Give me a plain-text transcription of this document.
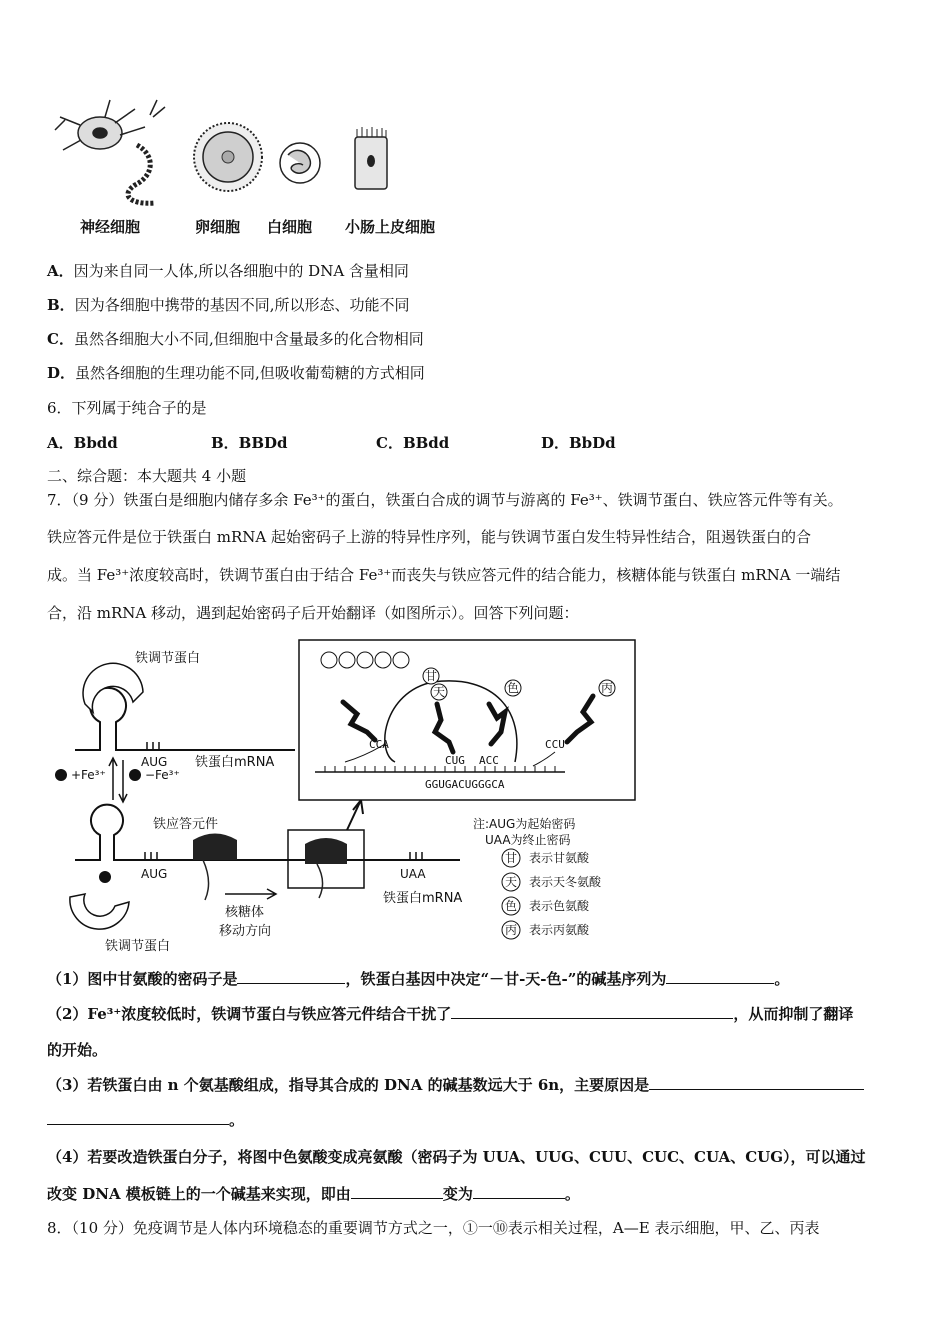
神经细胞	卵细胞 白细胞 小肠上皮细胞
A．因为来自同一人体,所以各细胞中的 DNA 含量相同
B．因为各细胞中携带的基因不同,所以形态、功能不同
C．虽然各细胞大小不同,但细胞中含量最多的化合物相同
D．虽然各细胞的生理功能不同,但吸收葡萄糖的方式相同
6．下列属于纯合子的是
A．Bbdd	B．BBDd	C．BBdd	D．BbDd
二、综合题：本大题共 4 小题
7．（9 分）铁蛋白是细胞内储存多余 Fe³⁺的蛋白，铁蛋白合成的调节与游离的 Fe³⁺、铁调节蛋白、铁应答元件等有关。
铁应答元件是位于铁蛋白 mRNA 起始密码子上游的特异性序列，能与铁调节蛋白发生特异性结合，阻遏铁蛋白的合
成。当 Fe³⁺浓度较高时，铁调节蛋白由于结合 Fe³⁺而丧失与铁应答元件的结合能力，核糖体能与铁蛋白 mRNA 一端结
合，沿 mRNA 移动，遇到起始密码子后开始翻译（如图所示）。回答下列问题：
铁调节蛋白
AUG 铁蛋白mRNA
+Fe³⁺	−Fe³⁺
铁应答元件
AUG	UAA
铁蛋白mRNA
核糖体
移动方向
铁调节蛋白
CCA
甘
天	色
CUG ACC
GGUGACUGGGCA
丙
CCU
注:AUG为起始密码
UAA为终止密码
甘 表示甘氨酸
天 表示天冬氨酸
色 表示色氨酸
丙 表示丙氨酸
（1）图中甘氨酸的密码子是	，铁蛋白基因中决定“－甘-天-色-”的碱基序列为	。
（2）Fe³⁺浓度较低时，铁调节蛋白与铁应答元件结合干扰了	，从而抑制了翻译
的开始。
（3）若铁蛋白由 n 个氨基酸组成，指导其合成的 DNA 的碱基数远大于 6n，主要原因是
。
（4）若要改造铁蛋白分子，将图中色氨酸变成亮氨酸（密码子为 UUA、UUG、CUU、CUC、CUA、CUG），可以通过
改变 DNA 模板链上的一个碱基来实现，即由	变为	。
8．（10 分）免疫调节是人体内环境稳态的重要调节方式之一，①一⑩表示相关过程，A—E 表示细胞，甲、乙、丙表
